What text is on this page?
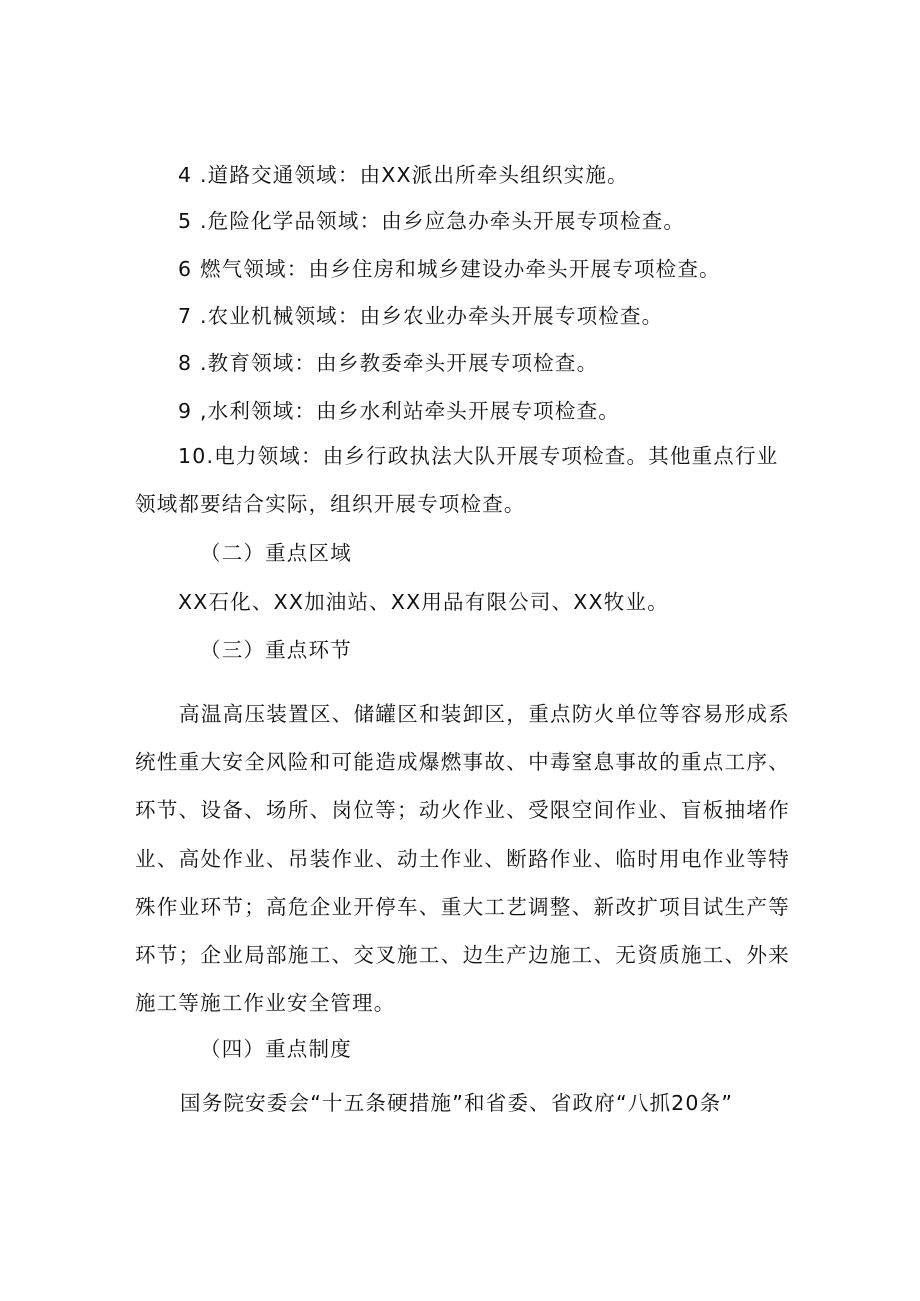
4 .道路交通领域：由XX派出所牵头组织实施。
5 .危险化学品领域：由乡应急办牵头开展专项检查。
6 燃气领域：由乡住房和城乡建设办牵头开展专项检查。
7 .农业机械领域：由乡农业办牵头开展专项检查。
8 .教育领域：由乡教委牵头开展专项检查。
9 ,水利领域：由乡水利站牵头开展专项检查。
10.电力领域：由乡行政执法大队开展专项检查。其他重点行业
领域都要结合实际，组织开展专项检查。
（二）重点区域
XX石化、XX加油站、XX用品有限公司、XX牧业。
（三）重点环节
高温高压装置区、储罐区和装卸区，重点防火单位等容易形成系统性重大安全风险和可能造成爆燃事故、中毒窒息事故的重点工序、环节、设备、场所、岗位等；动火作业、受限空间作业、盲板抽堵作业、高处作业、吊装作业、动土作业、断路作业、临时用电作业等特殊作业环节；高危企业开停车、重大工艺调整、新改扩项目试生产等环节；企业局部施工、交叉施工、边生产边施工、无资质施工、外来施工等施工作业安全管理。
（四）重点制度
国务院安委会“十五条硬措施”和省委、省政府“八抓20条”
